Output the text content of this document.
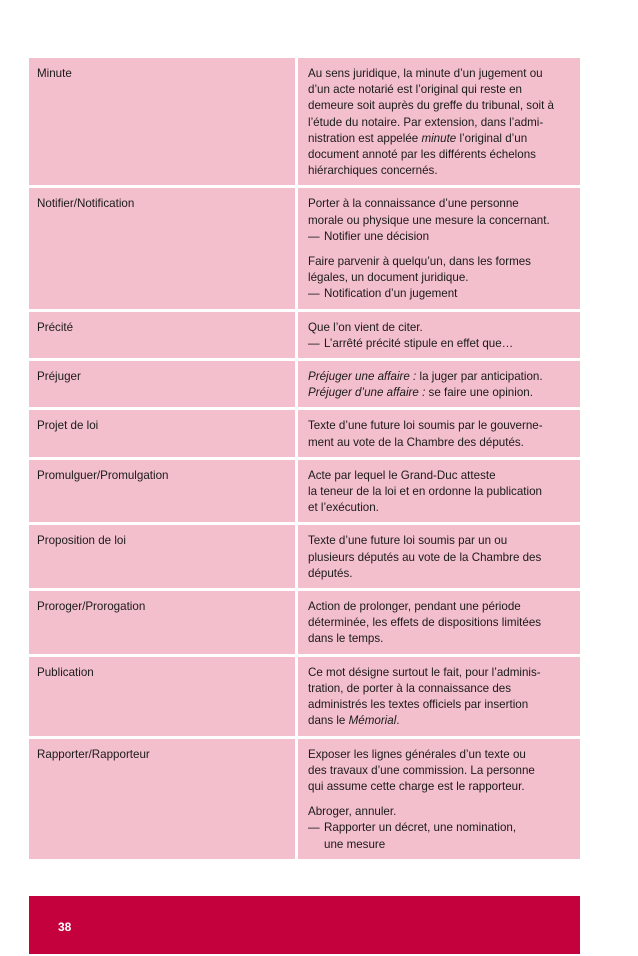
Minute	Au sens juridique, la minute d’un jugement ou
d’un acte notarié est l’original qui reste en
demeure soit auprès du greffe du tribunal, soit à
l’étude du notaire. Par extension, dans l’admi-
nistration est appelée minute l’original d’un
document annoté par les différents échelons
hiérarchiques concernés.
Notifier/Notification	Porter à la connaissance d’une personne
morale ou physique une mesure la concernant.
— Notifier une décision
Faire parvenir à quelqu’un, dans les formes
légales, un document juridique.
— Notification d’un jugement
Précité	Que l’on vient de citer.
— L’arrêté précité stipule en effet que…
Préjuger	Préjuger une affaire : la juger par anticipation.
Préjuger d’une affaire : se faire une opinion.
Projet de loi	Texte d’une future loi soumis par le gouverne-
ment au vote de la Chambre des députés.
Promulguer/Promulgation	Acte par lequel le Grand-Duc atteste
la teneur de la loi et en ordonne la publication
et l’exécution.
Proposition de loi	Texte d’une future loi soumis par un ou
plusieurs députés au vote de la Chambre des
députés.
Proroger/Prorogation	Action de prolonger, pendant une période
déterminée, les effets de dispositions limitées
dans le temps.
Publication	Ce mot désigne surtout le fait, pour l’adminis-
tration, de porter à la connaissance des
administrés les textes officiels par insertion
dans le Mémorial.
Rapporter/Rapporteur	Exposer les lignes générales d’un texte ou
des travaux d’une commission. La personne
qui assume cette charge est le rapporteur.
Abroger, annuler.
— Rapporter un décret, une nomination,
une mesure
38
